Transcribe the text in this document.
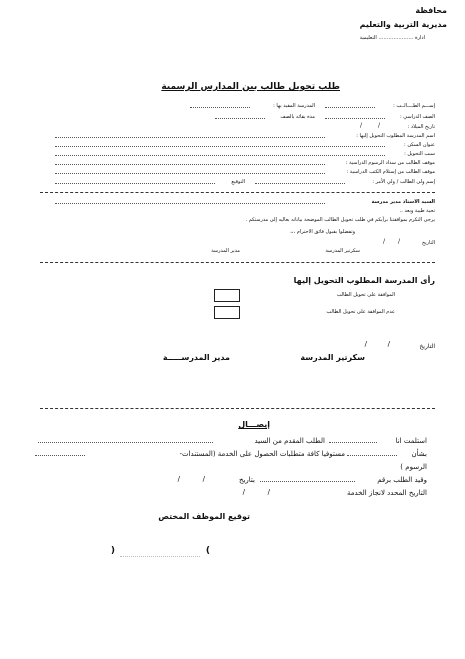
محافظة
مديرية التربية والتعليم
ادارة ………………… التعليمية
طلب تحويل طالب بين المدارس الرسمية
إســـم الطــــالــب :
المدرسة المقيد بها :
الصف الدراسي :
مدة بقائه بالصف
تاريخ الميلاد :
/
/
اسم المدرسة المطلوب التحويل إليها :
عنوان السكن :
سبب التحويل :
موقف الطالب من سداد الرسوم الدراسية :
موقف الطالب من إستلام الكتب الدراسية :
إسم ولى الطالب / ولي الأمر :
التوقيع
السيد الاستاذ مدير مدرسة
تحية طيبة وبعد ..
يرجى التكرم بموافقتنا برأيكم في طلب تحويل الطالب الموضحة بياناته بعاليه إلى مدرستكم .
وتفضلوا بقبول فائق الاحترام ،،،
التاريخ
/
/
سكرتير المدرسة
مدير المدرسة
رأى المدرسة المطلوب التحويل إليها
الموافقة على تحويل الطالب
عدم الموافقة على تحويل الطالب
التاريخ
/
/
سكرتير المدرسة
مدير المدرســـــة
إيصـــال
استلمت انا
الطلب المقدم من السيد
بشأن
مستوفيا كافة متطلبات الحصول على الخدمة (المستندات-
الرسوم )
وقيد الطلب برقم
بتاريخ
/
/
التاريخ المحدد لانجاز الخدمة
/
/
توقيع الموظف المختص
)
(
